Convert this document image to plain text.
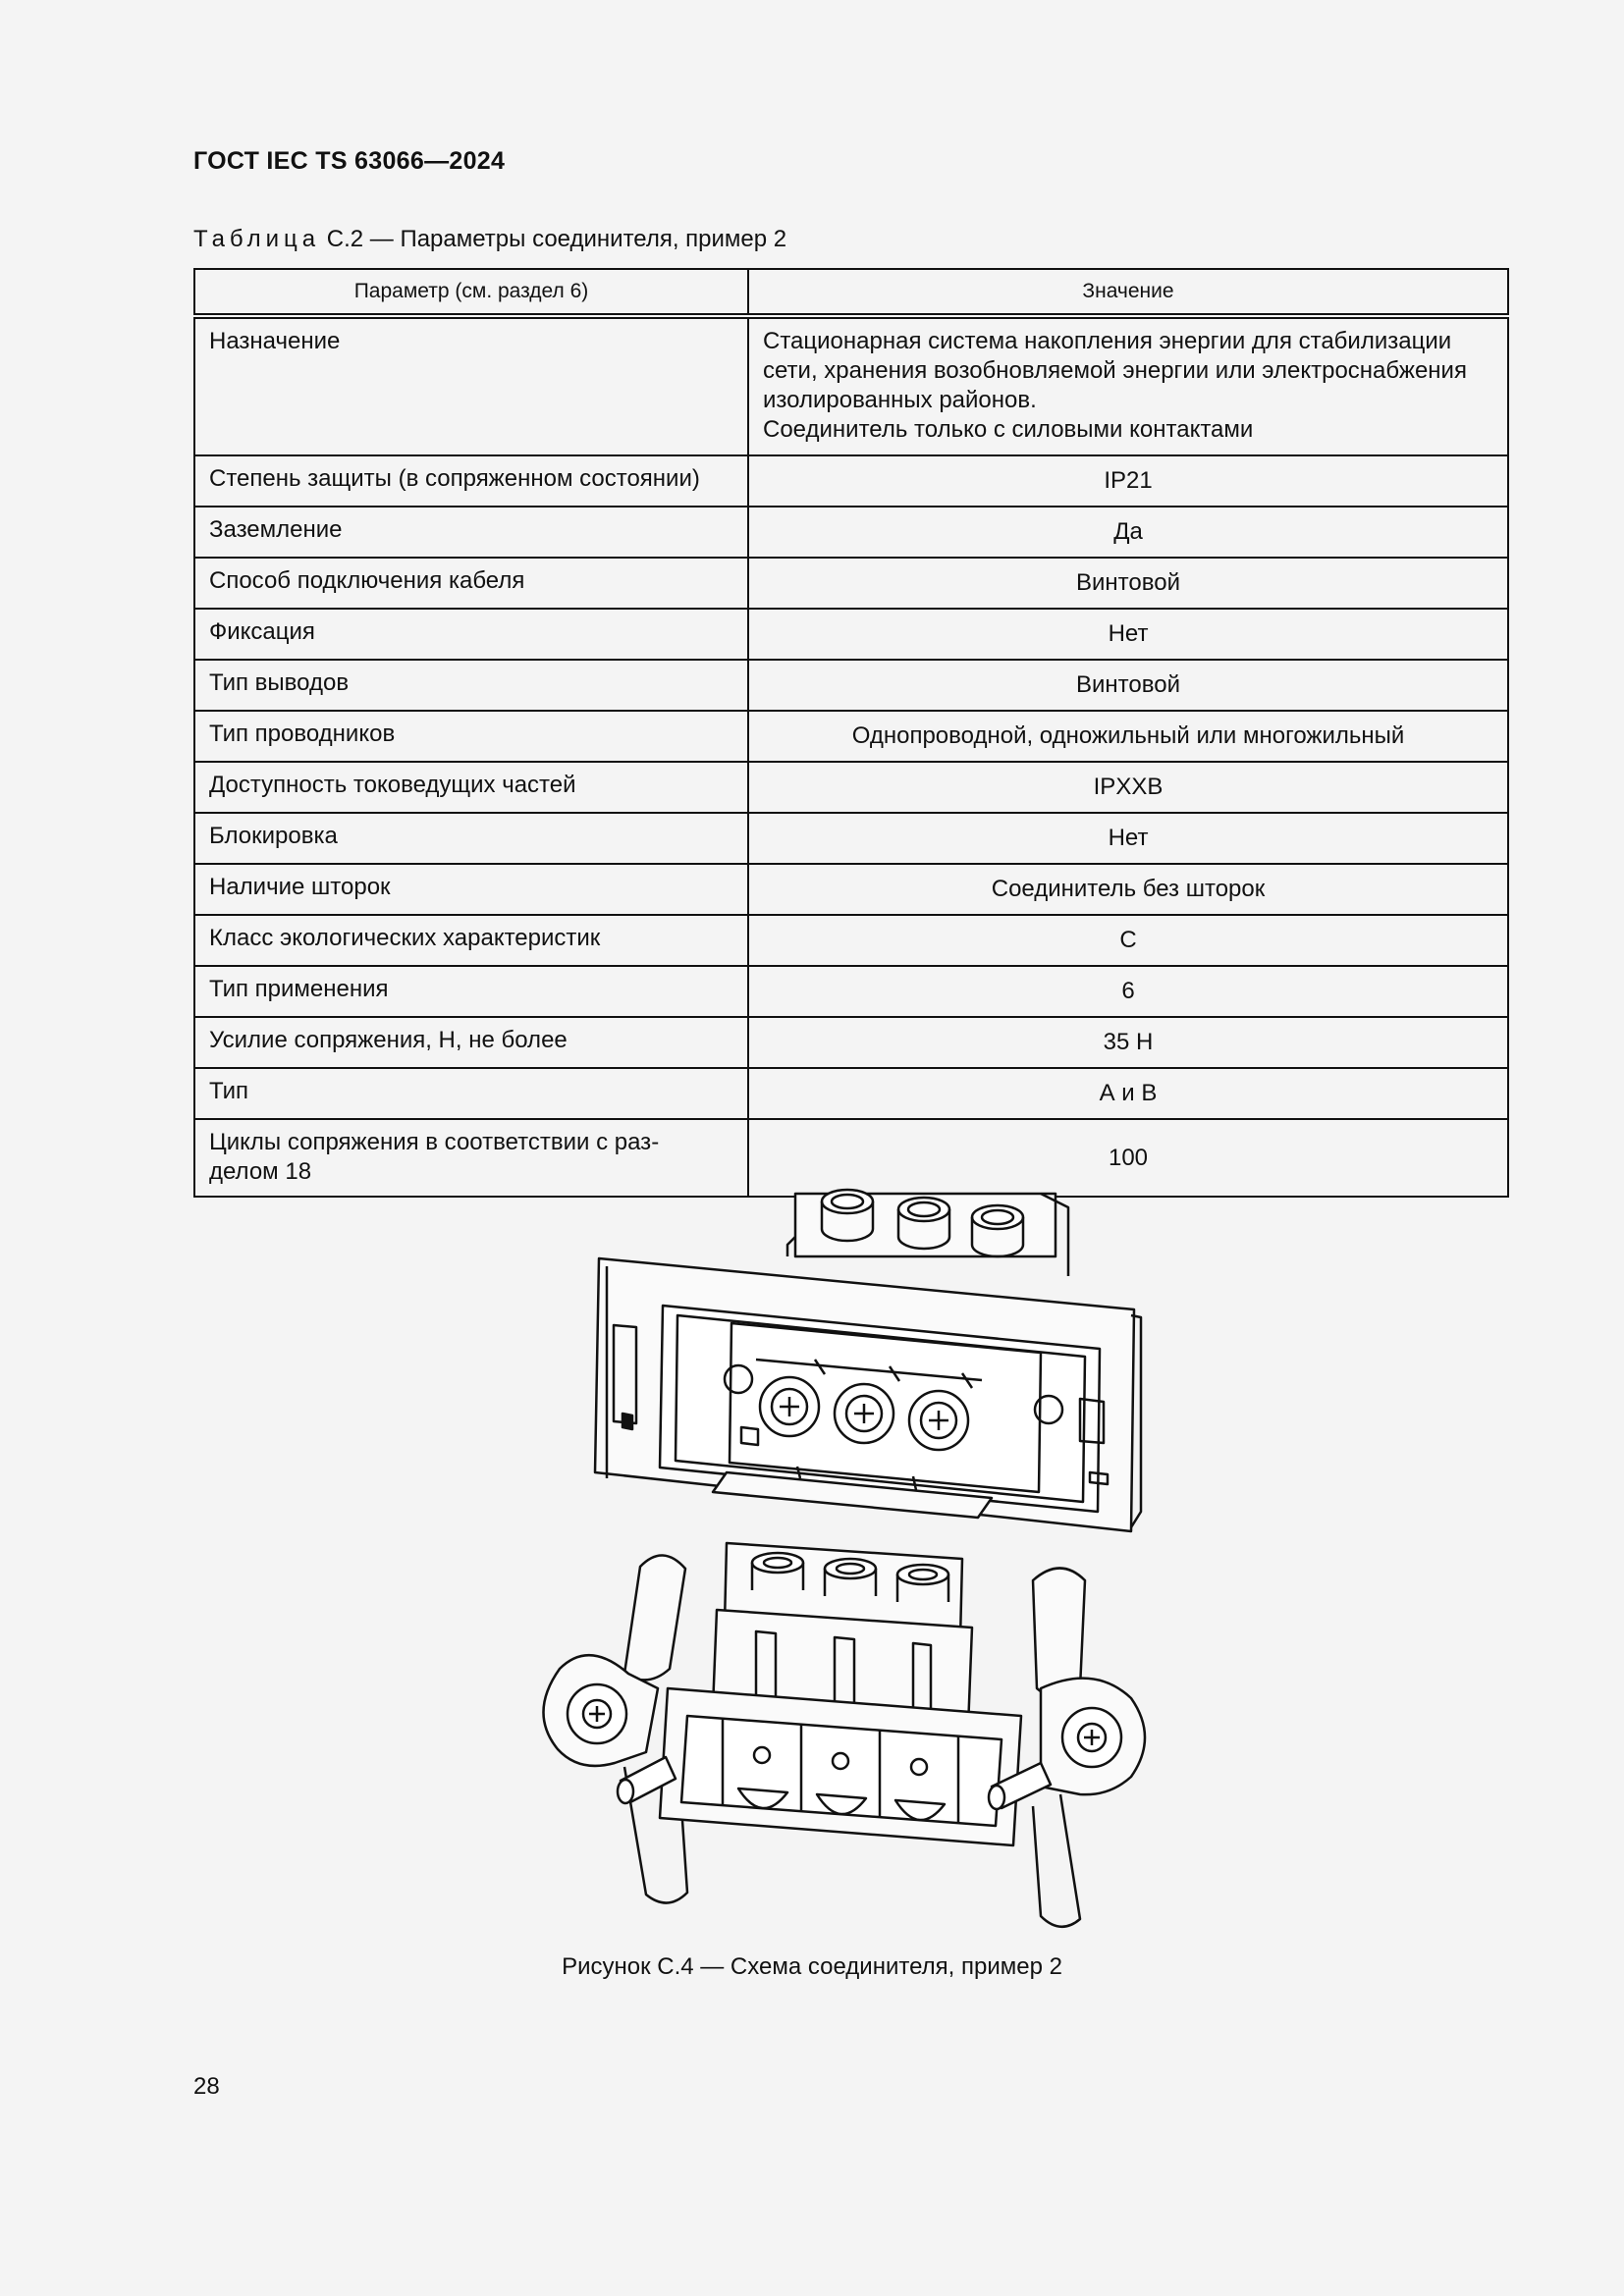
ГОСТ IEC TS 63066—2024
Таблица С.2 — Параметры соединителя, пример 2
Параметр (см. раздел 6)	Значение
Назначение	Стационарная система накопления энергии для стабилизации
сети, хранения возобновляемой энергии или электроснабжения
изолированных районов.
Соединитель только с силовыми контактами
Степень защиты (в сопряженном состоянии)	IP21
Заземление	Да
Способ подключения кабеля	Винтовой
Фиксация	Нет
Тип выводов	Винтовой
Тип проводников	Однопроводной, одножильный или многожильный
Доступность токоведущих частей	IPXXB
Блокировка	Нет
Наличие шторок	Соединитель без шторок
Класс экологических характеристик	С
Тип применения	6
Усилие сопряжения, Н, не более	35 Н
Тип	А и В
Циклы сопряжения в соответствии с раз-
делом 18	100
Рисунок С.4 — Схема соединителя, пример 2
28
